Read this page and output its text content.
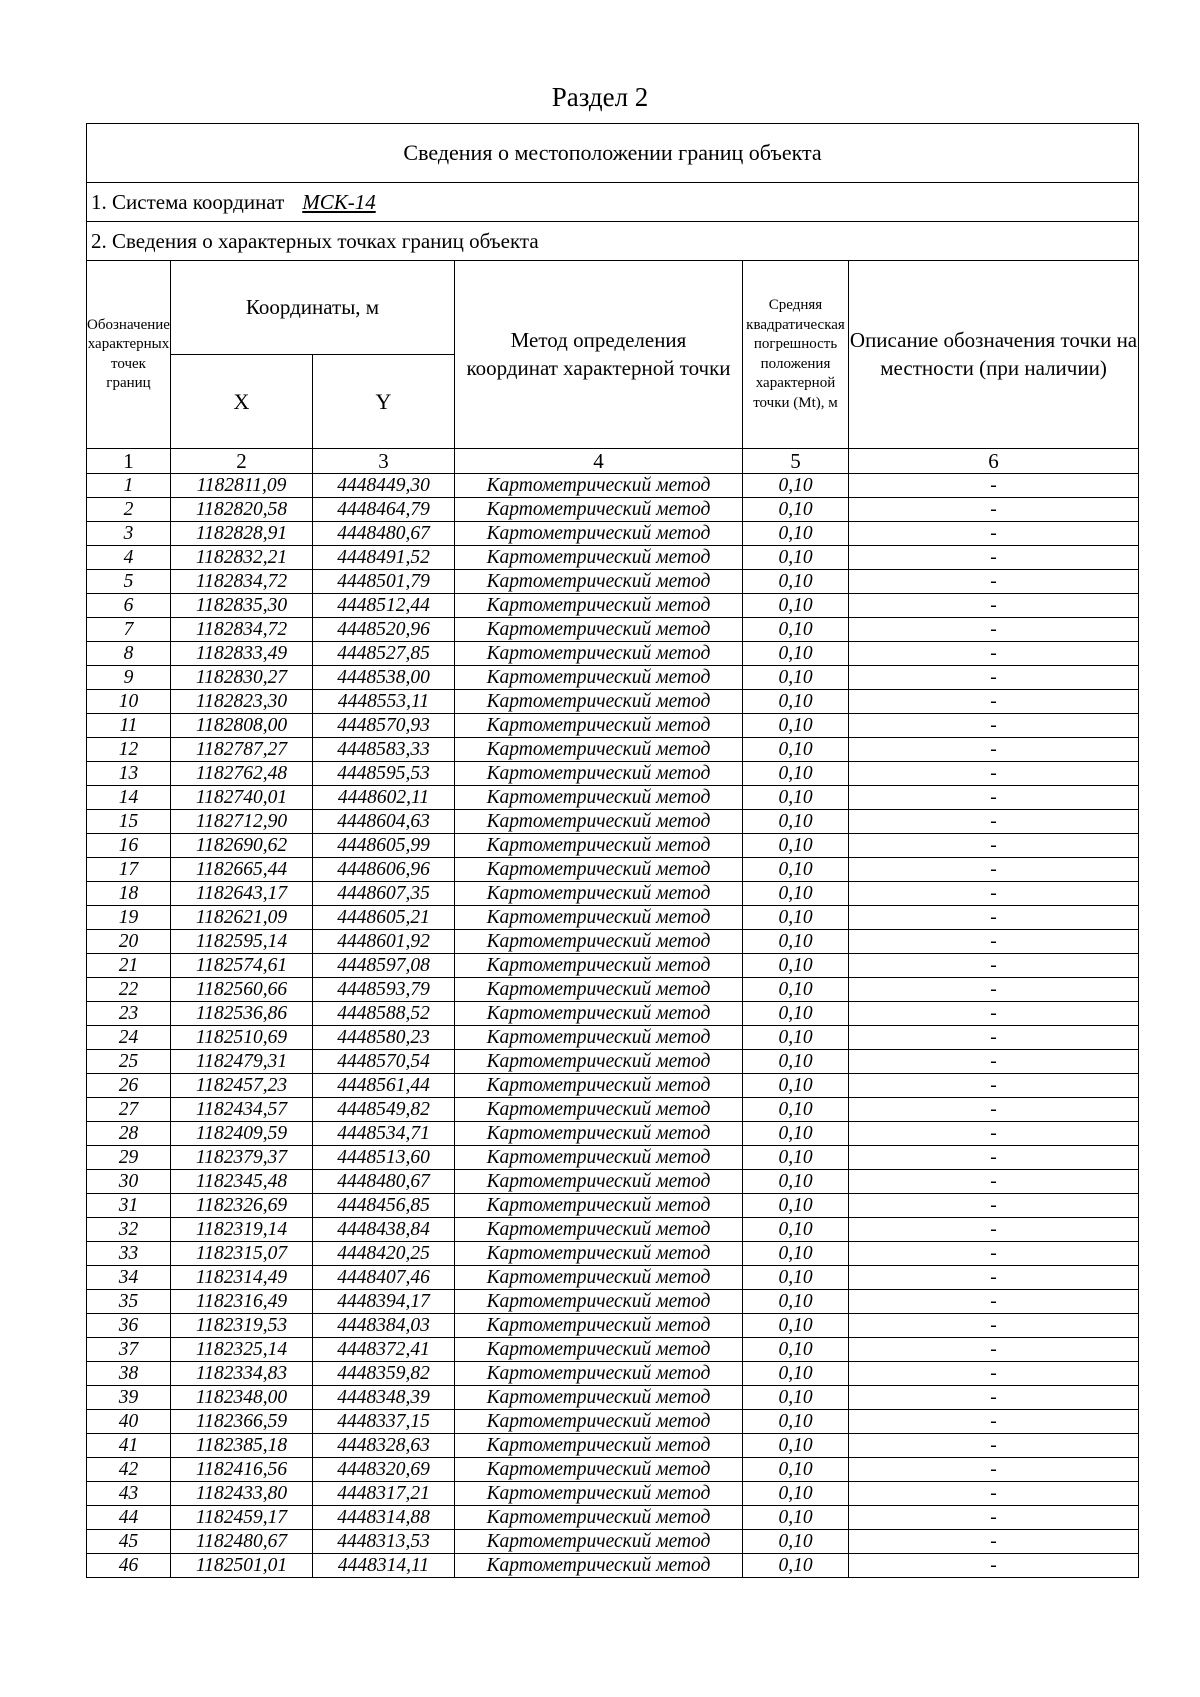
Раздел 2
Сведения о местоположении границ объекта					
1. Система координат МСК-14					
2. Сведения о характерных точках границ объекта					
Обозначение характерных точек границ	Координаты, м		Метод определения координат характерной точки	Средняя квадратическая погрешность положения характерной точки (Mt), м	Описание обозначения точки на местности (при наличии)
	X	Y			
1	2	3	4	5	6
1	1182811,09	4448449,30	Картометрический метод	0,10	-
2	1182820,58	4448464,79	Картометрический метод	0,10	-
3	1182828,91	4448480,67	Картометрический метод	0,10	-
4	1182832,21	4448491,52	Картометрический метод	0,10	-
5	1182834,72	4448501,79	Картометрический метод	0,10	-
6	1182835,30	4448512,44	Картометрический метод	0,10	-
7	1182834,72	4448520,96	Картометрический метод	0,10	-
8	1182833,49	4448527,85	Картометрический метод	0,10	-
9	1182830,27	4448538,00	Картометрический метод	0,10	-
10	1182823,30	4448553,11	Картометрический метод	0,10	-
11	1182808,00	4448570,93	Картометрический метод	0,10	-
12	1182787,27	4448583,33	Картометрический метод	0,10	-
13	1182762,48	4448595,53	Картометрический метод	0,10	-
14	1182740,01	4448602,11	Картометрический метод	0,10	-
15	1182712,90	4448604,63	Картометрический метод	0,10	-
16	1182690,62	4448605,99	Картометрический метод	0,10	-
17	1182665,44	4448606,96	Картометрический метод	0,10	-
18	1182643,17	4448607,35	Картометрический метод	0,10	-
19	1182621,09	4448605,21	Картометрический метод	0,10	-
20	1182595,14	4448601,92	Картометрический метод	0,10	-
21	1182574,61	4448597,08	Картометрический метод	0,10	-
22	1182560,66	4448593,79	Картометрический метод	0,10	-
23	1182536,86	4448588,52	Картометрический метод	0,10	-
24	1182510,69	4448580,23	Картометрический метод	0,10	-
25	1182479,31	4448570,54	Картометрический метод	0,10	-
26	1182457,23	4448561,44	Картометрический метод	0,10	-
27	1182434,57	4448549,82	Картометрический метод	0,10	-
28	1182409,59	4448534,71	Картометрический метод	0,10	-
29	1182379,37	4448513,60	Картометрический метод	0,10	-
30	1182345,48	4448480,67	Картометрический метод	0,10	-
31	1182326,69	4448456,85	Картометрический метод	0,10	-
32	1182319,14	4448438,84	Картометрический метод	0,10	-
33	1182315,07	4448420,25	Картометрический метод	0,10	-
34	1182314,49	4448407,46	Картометрический метод	0,10	-
35	1182316,49	4448394,17	Картометрический метод	0,10	-
36	1182319,53	4448384,03	Картометрический метод	0,10	-
37	1182325,14	4448372,41	Картометрический метод	0,10	-
38	1182334,83	4448359,82	Картометрический метод	0,10	-
39	1182348,00	4448348,39	Картометрический метод	0,10	-
40	1182366,59	4448337,15	Картометрический метод	0,10	-
41	1182385,18	4448328,63	Картометрический метод	0,10	-
42	1182416,56	4448320,69	Картометрический метод	0,10	-
43	1182433,80	4448317,21	Картометрический метод	0,10	-
44	1182459,17	4448314,88	Картометрический метод	0,10	-
45	1182480,67	4448313,53	Картометрический метод	0,10	-
46	1182501,01	4448314,11	Картометрический метод	0,10	-
